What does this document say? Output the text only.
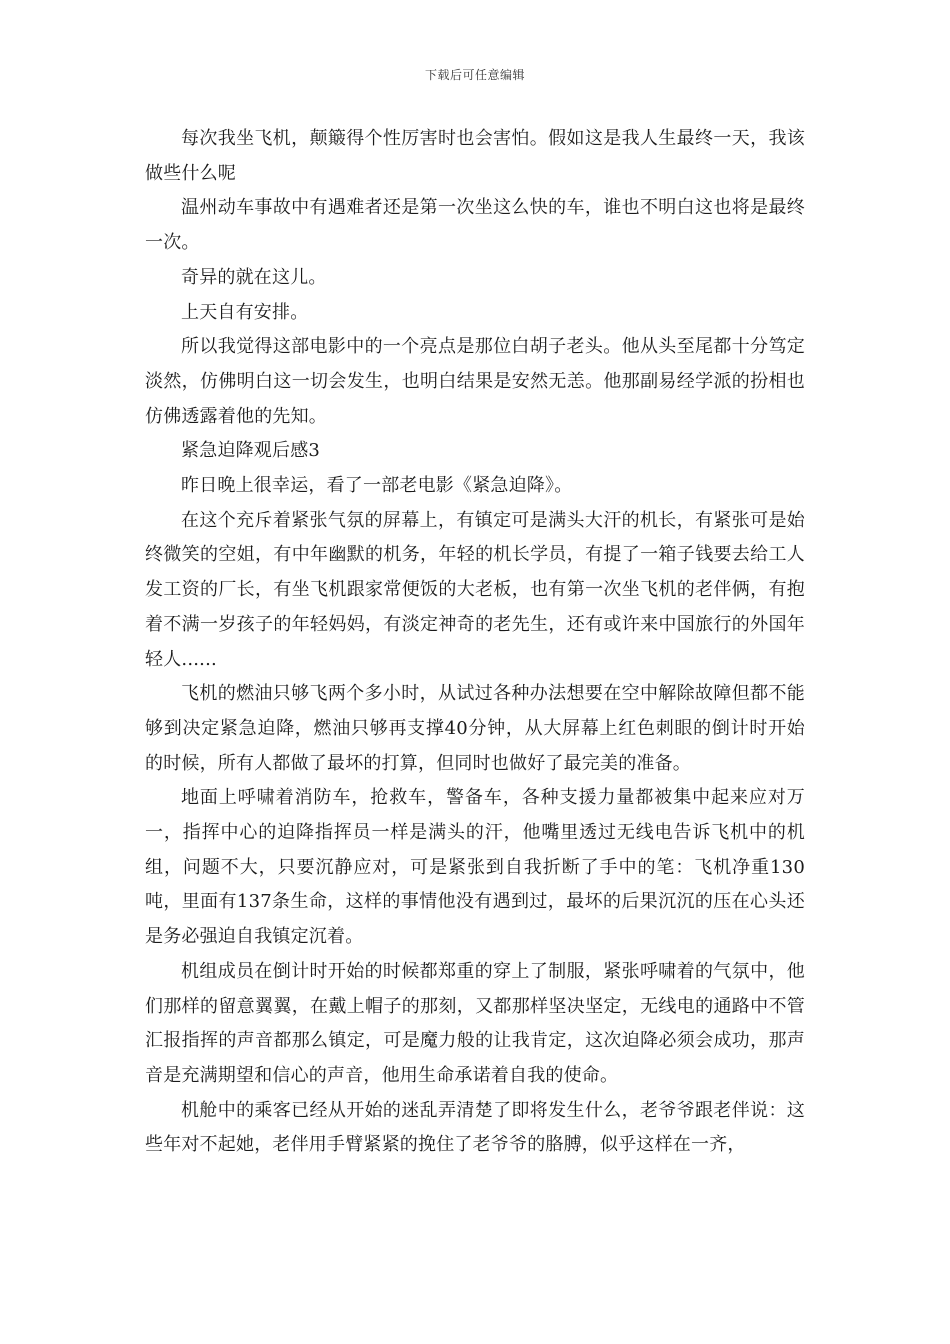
下载后可任意编辑

每次我坐飞机，颠簸得个性厉害时也会害怕。假如这是我人生最终一天，我该做些什么呢

温州动车事故中有遇难者还是第一次坐这么快的车，谁也不明白这也将是最终一次。

奇异的就在这儿。

上天自有安排。

所以我觉得这部电影中的一个亮点是那位白胡子老头。他从头至尾都十分笃定淡然，仿佛明白这一切会发生，也明白结果是安然无恙。他那副易经学派的扮相也仿佛透露着他的先知。

紧急迫降观后感3

昨日晚上很幸运，看了一部老电影《紧急迫降》。

在这个充斥着紧张气氛的屏幕上，有镇定可是满头大汗的机长，有紧张可是始终微笑的空姐，有中年幽默的机务，年轻的机长学员，有提了一箱子钱要去给工人发工资的厂长，有坐飞机跟家常便饭的大老板，也有第一次坐飞机的老伴俩，有抱着不满一岁孩子的年轻妈妈，有淡定神奇的老先生，还有或许来中国旅行的外国年轻人......

飞机的燃油只够飞两个多小时，从试过各种办法想要在空中解除故障但都不能够到决定紧急迫降，燃油只够再支撑40分钟，从大屏幕上红色刺眼的倒计时开始的时候，所有人都做了最坏的打算，但同时也做好了最完美的准备。

地面上呼啸着消防车，抢救车，警备车，各种支援力量都被集中起来应对万一，指挥中心的迫降指挥员一样是满头的汗，他嘴里透过无线电告诉飞机中的机组，问题不大，只要沉静应对，可是紧张到自我折断了手中的笔：飞机净重130吨，里面有137条生命，这样的事情他没有遇到过，最坏的后果沉沉的压在心头还是务必强迫自我镇定沉着。

机组成员在倒计时开始的时候都郑重的穿上了制服，紧张呼啸着的气氛中，他们那样的留意翼翼，在戴上帽子的那刻，又都那样坚决坚定，无线电的通路中不管汇报指挥的声音都那么镇定，可是魔力般的让我肯定，这次迫降必须会成功，那声音是充满期望和信心的声音，他用生命承诺着自我的使命。

机舱中的乘客已经从开始的迷乱弄清楚了即将发生什么，老爷爷跟老伴说：这些年对不起她，老伴用手臂紧紧的挽住了老爷爷的胳膊，似乎这样在一齐，
